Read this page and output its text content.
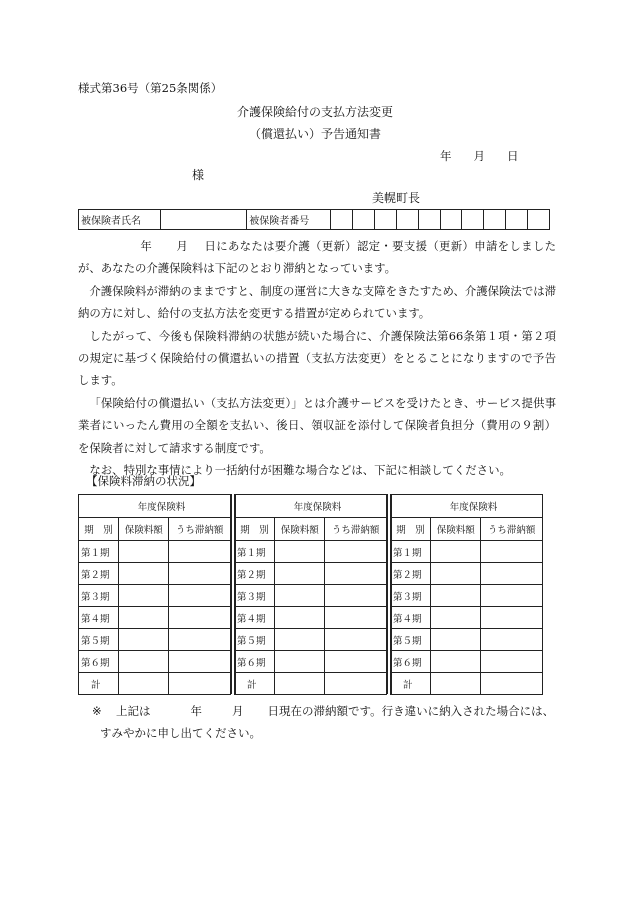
様式第36号（第25条関係）
介護保険給付の支払方法変更
（償還払い）予告通知書
年 月 日
様
美幌町長
被保険者氏名		被保険者番号										

年 月 日にあなたは要介護（更新）認定・要支援（更新）申請をしましたが、あなたの介護保険料は下記のとおり滞納となっています。

介護保険料が滞納のままですと、制度の運営に大きな支障をきたすため、介護保険法では滞納の方に対し、給付の支払方法を変更する措置が定められています。

したがって、今後も保険料滞納の状態が続いた場合に、介護保険法第66条第１項・第２項の規定に基づく保険給付の償還払いの措置（支払方法変更）をとることになりますので予告します。

「保険給付の償還払い（支払方法変更）」とは介護サービスを受けたとき、サービス提供事業者にいったん費用の全額を支払い、後日、領収証を添付して保険者負担分（費用の９割）を保険者に対して請求する制度です。

なお、特別な事情により一括納付が困難な場合などは、下記に相談してください。

【保険料滞納の状況】
年度保険料		
期　別	保険料額	うち滞納額
第１期		
第２期		
第３期		
第４期		
第５期		
第６期		
計		
年度保険料		
期　別	保険料額	うち滞納額
第１期		
第２期		
第３期		
第４期		
第５期		
第６期		
計		
年度保険料		
期　別	保険料額	うち滞納額
第１期		
第２期		
第３期		
第４期		
第５期		
第６期		
計		
※ 上記は	年	月 日現在の滞納額です。行き違いに納入された場合には、
すみやかに申し出てください。
